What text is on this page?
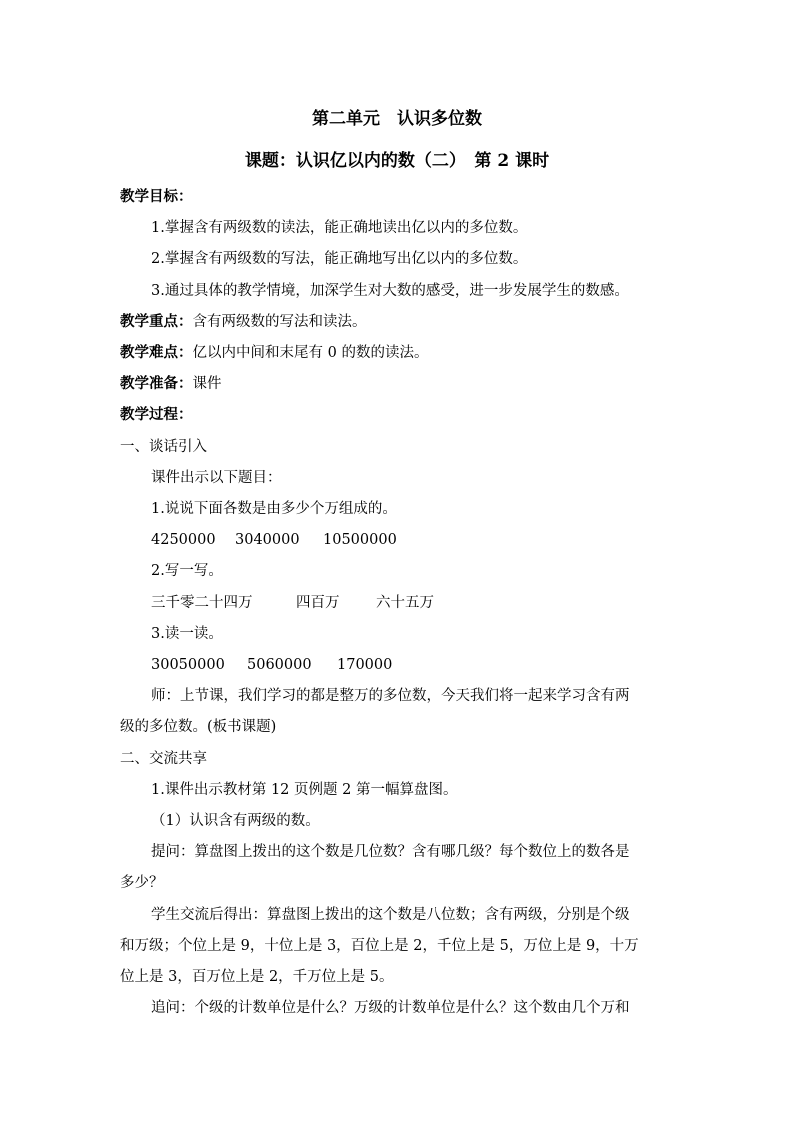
第二单元　认识多位数
课题：认识亿以内的数（二）　第 2 课时
教学目标：
1.掌握含有两级数的读法，能正确地读出亿以内的多位数。
2.掌握含有两级数的写法，能正确地写出亿以内的多位数。
3.通过具体的教学情境，加深学生对大数的感受，进一步发展学生的数感。
教学重点：含有两级数的写法和读法。
教学难点：亿以内中间和末尾有 0 的数的读法。
教学准备：课件
教学过程：
一、谈话引入
课件出示以下题目：
1.说说下面各数是由多少个万组成的。
4250000 3040000 10500000
2.写一写。
三千零二十四万	四百万	六十五万
3.读一读。
30050000 5060000 170000
师：上节课，我们学习的都是整万的多位数，今天我们将一起来学习含有两
级的多位数。(板书课题)
二、交流共享
1.课件出示教材第 12 页例题 2 第一幅算盘图。
（1）认识含有两级的数。
提问：算盘图上拨出的这个数是几位数？含有哪几级？每个数位上的数各是
多少？
学生交流后得出：算盘图上拨出的这个数是八位数；含有两级，分别是个级
和万级；个位上是 9，十位上是 3，百位上是 2，千位上是 5，万位上是 9，十万
位上是 3，百万位上是 2，千万位上是 5。
追问：个级的计数单位是什么？万级的计数单位是什么？这个数由几个万和
